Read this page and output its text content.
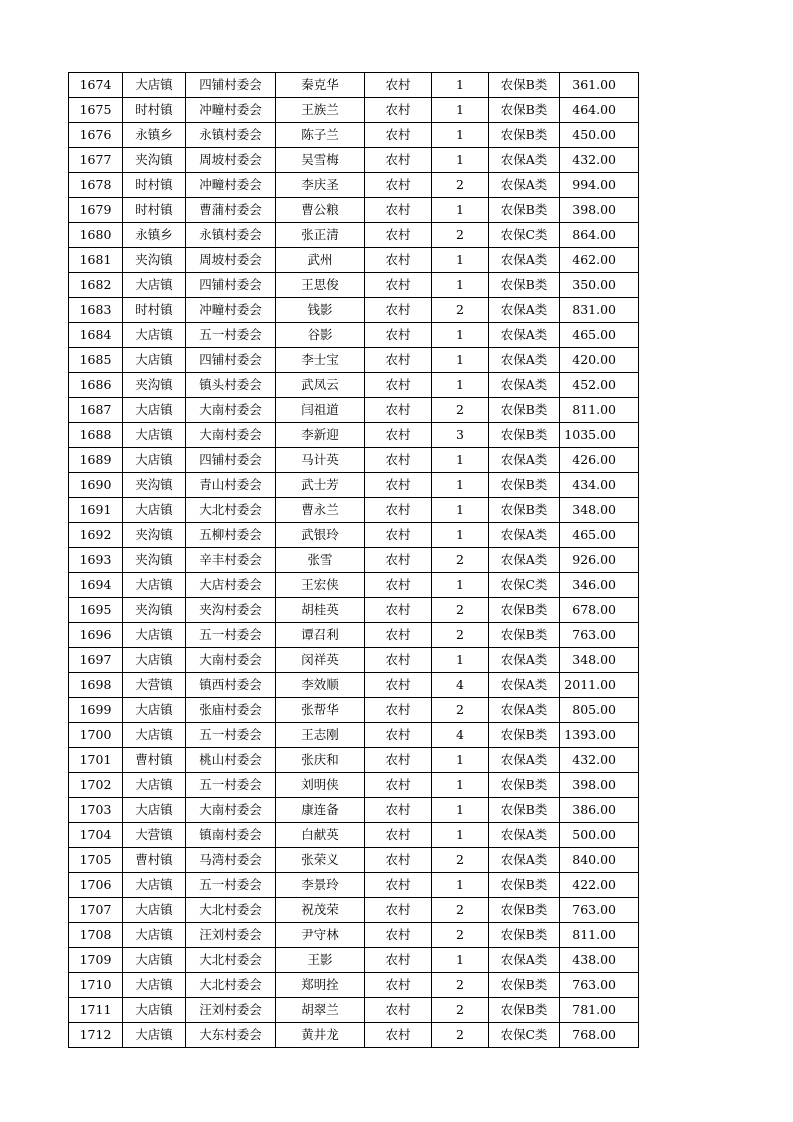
1674	大店镇	四铺村委会	秦克华	农村	1	农保B类	361.00
1675	时村镇	冲疃村委会	王族兰	农村	1	农保B类	464.00
1676	永镇乡	永镇村委会	陈子兰	农村	1	农保B类	450.00
1677	夹沟镇	周坡村委会	吴雪梅	农村	1	农保A类	432.00
1678	时村镇	冲疃村委会	李庆圣	农村	2	农保A类	994.00
1679	时村镇	曹蒲村委会	曹公粮	农村	1	农保B类	398.00
1680	永镇乡	永镇村委会	张正清	农村	2	农保C类	864.00
1681	夹沟镇	周坡村委会	武州	农村	1	农保A类	462.00
1682	大店镇	四铺村委会	王思俊	农村	1	农保B类	350.00
1683	时村镇	冲疃村委会	钱影	农村	2	农保A类	831.00
1684	大店镇	五一村委会	谷影	农村	1	农保A类	465.00
1685	大店镇	四铺村委会	李士宝	农村	1	农保A类	420.00
1686	夹沟镇	镇头村委会	武凤云	农村	1	农保A类	452.00
1687	大店镇	大南村委会	闫祖道	农村	2	农保B类	811.00
1688	大店镇	大南村委会	李新迎	农村	3	农保B类	1035.00
1689	大店镇	四铺村委会	马计英	农村	1	农保A类	426.00
1690	夹沟镇	青山村委会	武士芳	农村	1	农保B类	434.00
1691	大店镇	大北村委会	曹永兰	农村	1	农保B类	348.00
1692	夹沟镇	五柳村委会	武银玲	农村	1	农保A类	465.00
1693	夹沟镇	辛丰村委会	张雪	农村	2	农保A类	926.00
1694	大店镇	大店村委会	王宏侠	农村	1	农保C类	346.00
1695	夹沟镇	夹沟村委会	胡桂英	农村	2	农保B类	678.00
1696	大店镇	五一村委会	谭召利	农村	2	农保B类	763.00
1697	大店镇	大南村委会	闵祥英	农村	1	农保A类	348.00
1698	大营镇	镇西村委会	李效顺	农村	4	农保A类	2011.00
1699	大店镇	张庙村委会	张帮华	农村	2	农保A类	805.00
1700	大店镇	五一村委会	王志刚	农村	4	农保B类	1393.00
1701	曹村镇	桃山村委会	张庆和	农村	1	农保A类	432.00
1702	大店镇	五一村委会	刘明侠	农村	1	农保B类	398.00
1703	大店镇	大南村委会	康连备	农村	1	农保B类	386.00
1704	大营镇	镇南村委会	白献英	农村	1	农保A类	500.00
1705	曹村镇	马湾村委会	张荣义	农村	2	农保A类	840.00
1706	大店镇	五一村委会	李景玲	农村	1	农保B类	422.00
1707	大店镇	大北村委会	祝茂荣	农村	2	农保B类	763.00
1708	大店镇	汪刘村委会	尹守林	农村	2	农保B类	811.00
1709	大店镇	大北村委会	王影	农村	1	农保A类	438.00
1710	大店镇	大北村委会	郑明拴	农村	2	农保B类	763.00
1711	大店镇	汪刘村委会	胡翠兰	农村	2	农保B类	781.00
1712	大店镇	大东村委会	黄井龙	农村	2	农保C类	768.00
